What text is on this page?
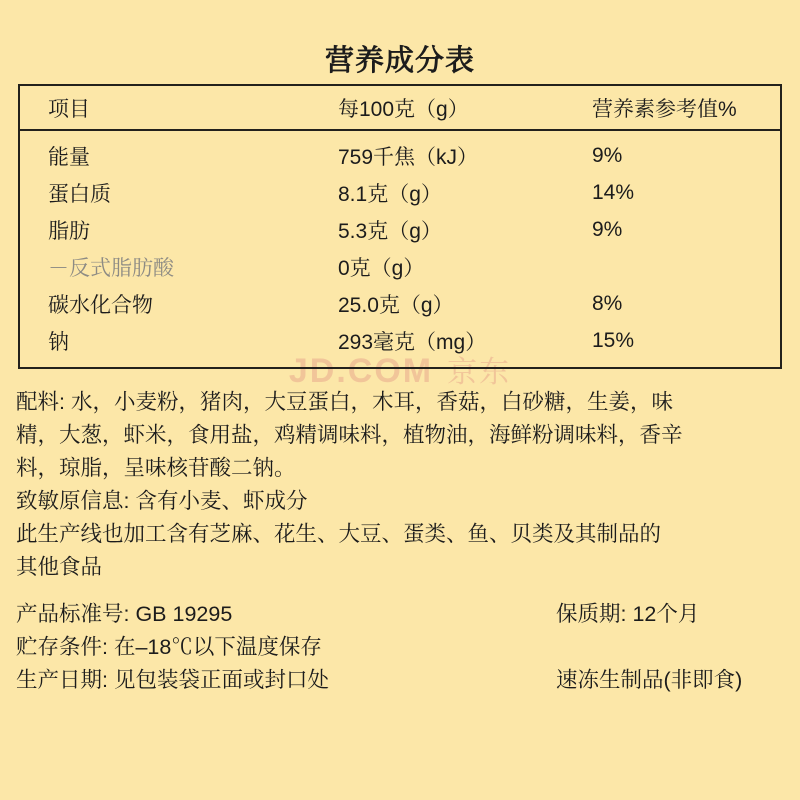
JD.COM 京东
营养成分表
项目	每100克（g）	营养素参考值%
能量	759千焦（kJ）	9%
蛋白质	8.1克（g）	14%
脂肪	5.3克（g）	9%
－反式脂肪酸	0克（g）	
碳水化合物	25.0克（g）	8%
钠	293毫克（mg）	15%

配料: 水，小麦粉，猪肉，大豆蛋白，木耳，香菇，白砂糖，生姜，味

精，大葱，虾米，食用盐，鸡精调味料，植物油，海鲜粉调味料，香辛

料，琼脂，呈味核苷酸二钠。

致敏原信息: 含有小麦、虾成分

此生产线也加工含有芝麻、花生、大豆、蛋类、鱼、贝类及其制品的

其他食品

产品标准号: GB 19295	保质期: 12个月
贮存条件: 在–18℃以下温度保存
生产日期: 见包装袋正面或封口处	速冻生制品(非即食)
